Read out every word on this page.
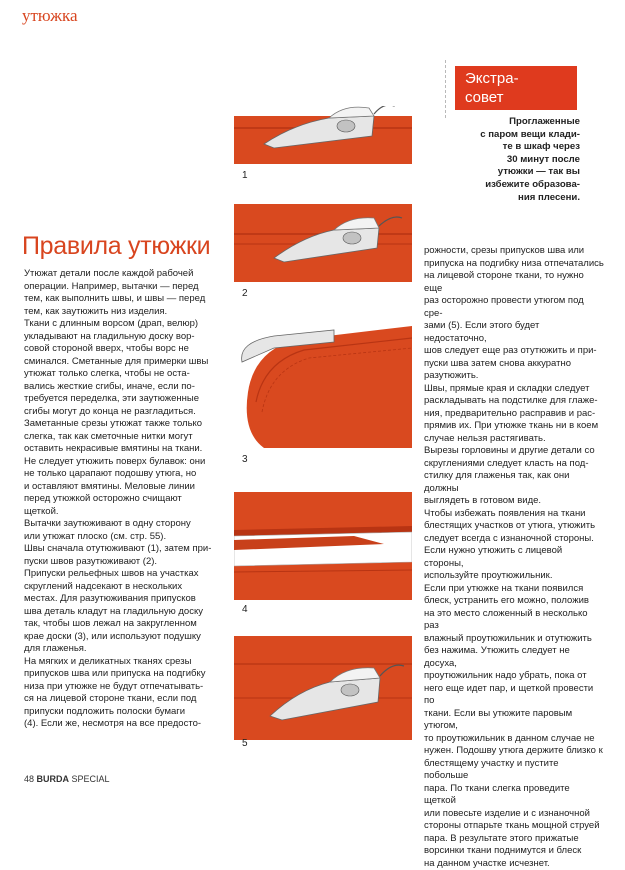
утюжка
Экстра-
совет
Проглаженные
с паром вещи клади-
те в шкаф через
30 минут после
утюжки — так вы
избежите образова-
ния плесени.
Правила утюжки

Утюжат детали после каждой рабочей
операции. Например, вытачки — перед
тем, как выполнить швы, и швы — перед
тем, как заутюжить низ изделия.

Ткани с длинным ворсом (драп, велюр)
укладывают на гладильную доску вор-
совой стороной вверх, чтобы ворс не
сминался. Сметанные для примерки швы
утюжат только слегка, чтобы не оста-
вались жесткие сгибы, иначе, если по-
требуется переделка, эти заутюженные
сгибы могут до конца не разгладиться.

Заметанные срезы утюжат также только
слегка, так как сметочные нитки могут
оставить некрасивые вмятины на ткани.

Не следует утюжить поверх булавок: они
не только царапают подошву утюга, но
и оставляют вмятины. Меловые линии
перед утюжкой осторожно счищают
щеткой.

Вытачки заутюживают в одну сторону
или утюжат плоско (см. стр. 55).

Швы сначала отутюживают (1), затем при-
пуски швов разутюживают (2).

Припуски рельефных швов на участках
скруглений надсекают в нескольких
местах. Для разутюживания припусков
шва деталь кладут на гладильную доску
так, чтобы шов лежал на закругленном
крае доски (3), или используют подушку
для глаженья.

На мягких и деликатных тканях срезы
припусков шва или припуска на подгибку
низа при утюжке не будут отпечатывать-
ся на лицевой стороне ткани, если под
припуски подложить полоски бумаги
(4). Если же, несмотря на все предосто-

рожности, срезы припусков шва или
припуска на подгибку низа отпечатались
на лицевой стороне ткани, то нужно еще
раз осторожно провести утюгом под сре-
зами (5). Если этого будет недостаточно,
шов следует еще раз отутюжить и при-
пуски шва затем снова аккуратно
разутюжить.

Швы, прямые края и складки следует
раскладывать на подстилке для глаже-
ния, предварительно расправив и рас-
прямив их. При утюжке ткань ни в коем
случае нельзя растягивать.

Вырезы горловины и другие детали со
скруглениями следует класть на под-
стилку для глаженья так, как они должны
выглядеть в готовом виде.

Чтобы избежать появления на ткани
блестящих участков от утюга, утюжить
следует всегда с изнаночной стороны.
Если нужно утюжить с лицевой стороны,
используйте проутюжильник.

Если при утюжке на ткани появился
блеск, устранить его можно, положив
на это место сложенный в несколько раз
влажный проутюжильник и отутюжить
без нажима. Утюжить следует не досуха,
проутюжильник надо убрать, пока от
него еще идет пар, и щеткой провести по
ткани. Если вы утюжите паровым утюгом,
то проутюжильник в данном случае не
нужен. Подошву утюга держите близко к
блестящему участку и пустите побольше
пара. По ткани слегка проведите щеткой
или повесьте изделие и с изнаночной
стороны отпарьте ткань мощной струей
пара. В результате этого прижатые
ворсинки ткани поднимутся и блеск
на данном участке исчезнет.

1
2
3
4
5
48 BURDA SPECIAL
